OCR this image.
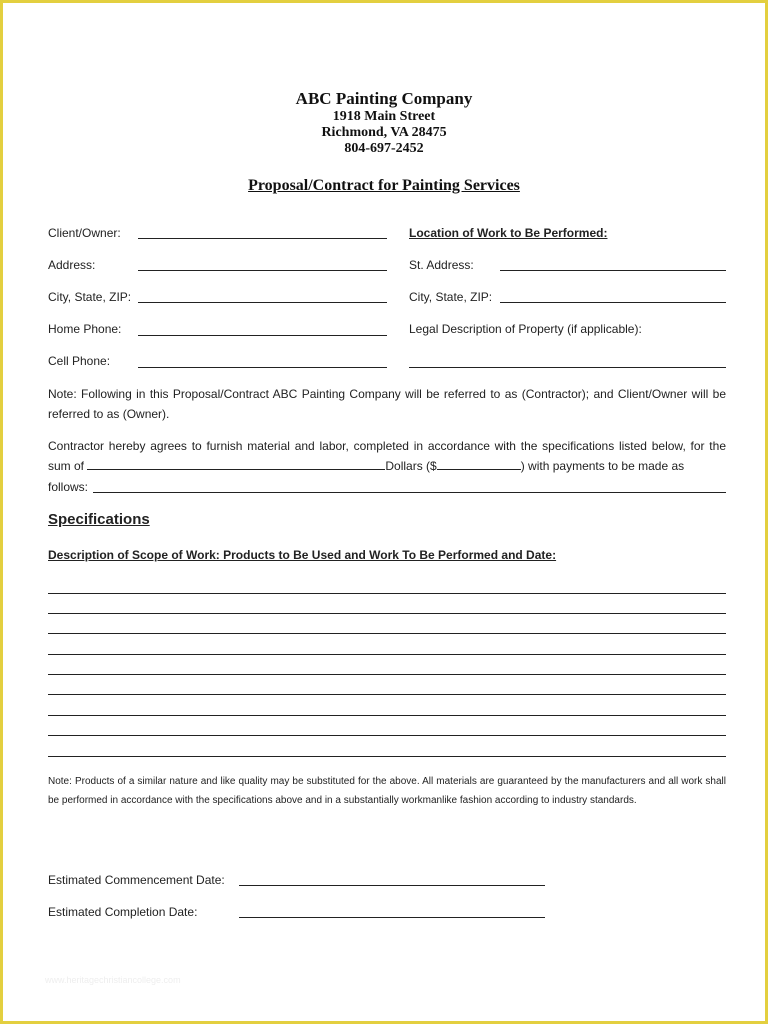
ABC Painting Company
1918 Main Street
Richmond, VA 28475
804-697-2452
Proposal/Contract for Painting Services
Client/Owner:
Address:
City, State, ZIP:
Home Phone:
Cell Phone:
Location of Work to Be Performed:
St. Address:
City, State, ZIP:
Legal Description of Property (if applicable):
Note: Following in this Proposal/Contract ABC Painting Company will be referred to as (Contractor); and Client/Owner will be referred to as (Owner).
Contractor hereby agrees to furnish material and labor, completed in accordance with the specifications listed below, for the sum of	Dollars ($	) with payments to be made as
follows:
Specifications
Description of Scope of Work: Products to Be Used and Work To Be Performed and Date:
Note: Products of a similar nature and like quality may be substituted for the above. All materials are guaranteed by the manufacturers and all work shall be performed in accordance with the specifications above and in a substantially workmanlike fashion according to industry standards.
Estimated Commencement Date:
Estimated Completion Date:
www.heritagechristiancollege.com
